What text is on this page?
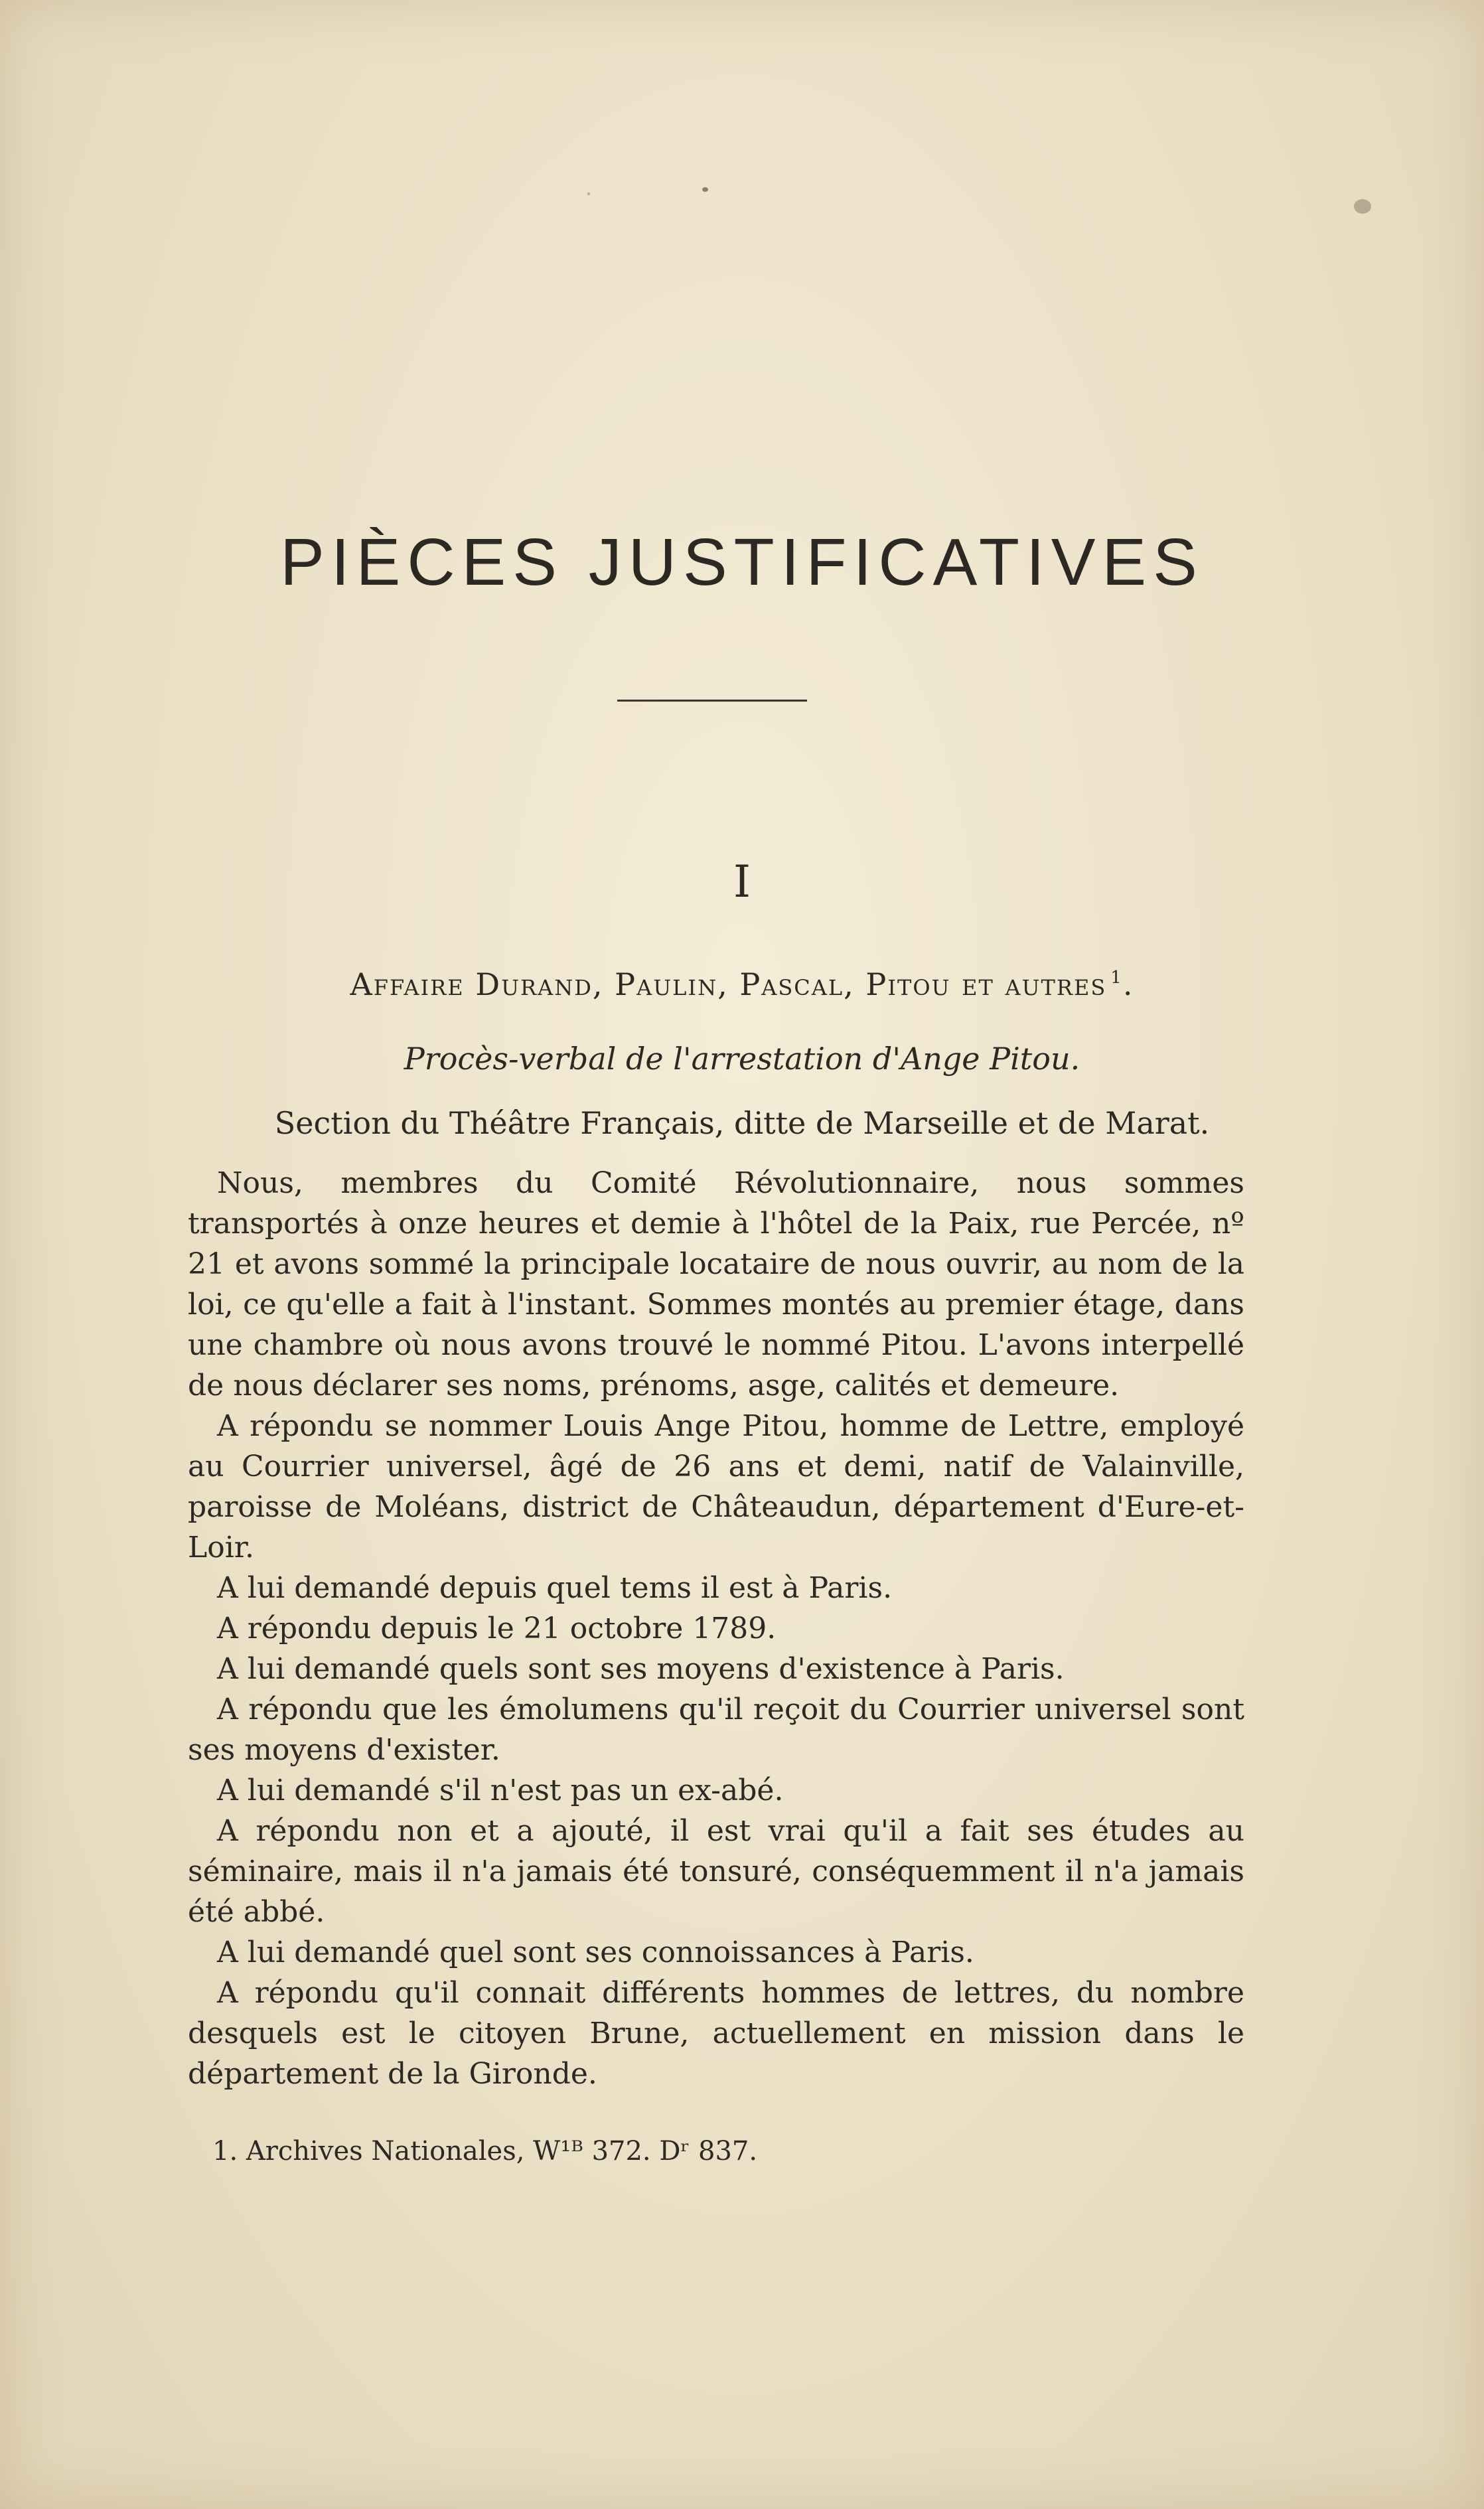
PIÈCES JUSTIFICATIVES
I
Affaire Durand, Paulin, Pascal, Pitou et autres $^1$.
Procès-verbal de l'arrestation d'Ange Pitou.
Section du Théâtre Français, ditte de Marseille et de Marat.

Nous, membres du Comité Révolutionnaire, nous sommes transportés à onze heures et demie à l'hôtel de la Paix, rue Percée, nº 21 et avons sommé la principale locataire de nous ouvrir, au nom de la loi, ce qu'elle a fait à l'instant. Sommes montés au premier étage, dans une chambre où nous avons trouvé le nommé Pitou. L'avons interpellé de nous déclarer ses noms, prénoms, asge, calités et demeure.

A répondu se nommer Louis Ange Pitou, homme de Lettre, employé au Courrier universel, âgé de 26 ans et demi, natif de Valainville, paroisse de Moléans, district de Châteaudun, département d'Eure-et-Loir.

A lui demandé depuis quel tems il est à Paris.

A répondu depuis le 21 octobre 1789.

A lui demandé quels sont ses moyens d'existence à Paris.

A répondu que les émolumens qu'il reçoit du Courrier universel sont ses moyens d'exister.

A lui demandé s'il n'est pas un ex-abé.

A répondu non et a ajouté, il est vrai qu'il a fait ses études au séminaire, mais il n'a jamais été tonsuré, conséquemment il n'a jamais été abbé.

A lui demandé quel sont ses connoissances à Paris.

A répondu qu'il connait différents hommes de lettres, du nombre desquels est le citoyen Brune, actuellement en mission dans le département de la Gironde.

1. Archives Nationales, W¹ᴮ 372. Dʳ 837.
